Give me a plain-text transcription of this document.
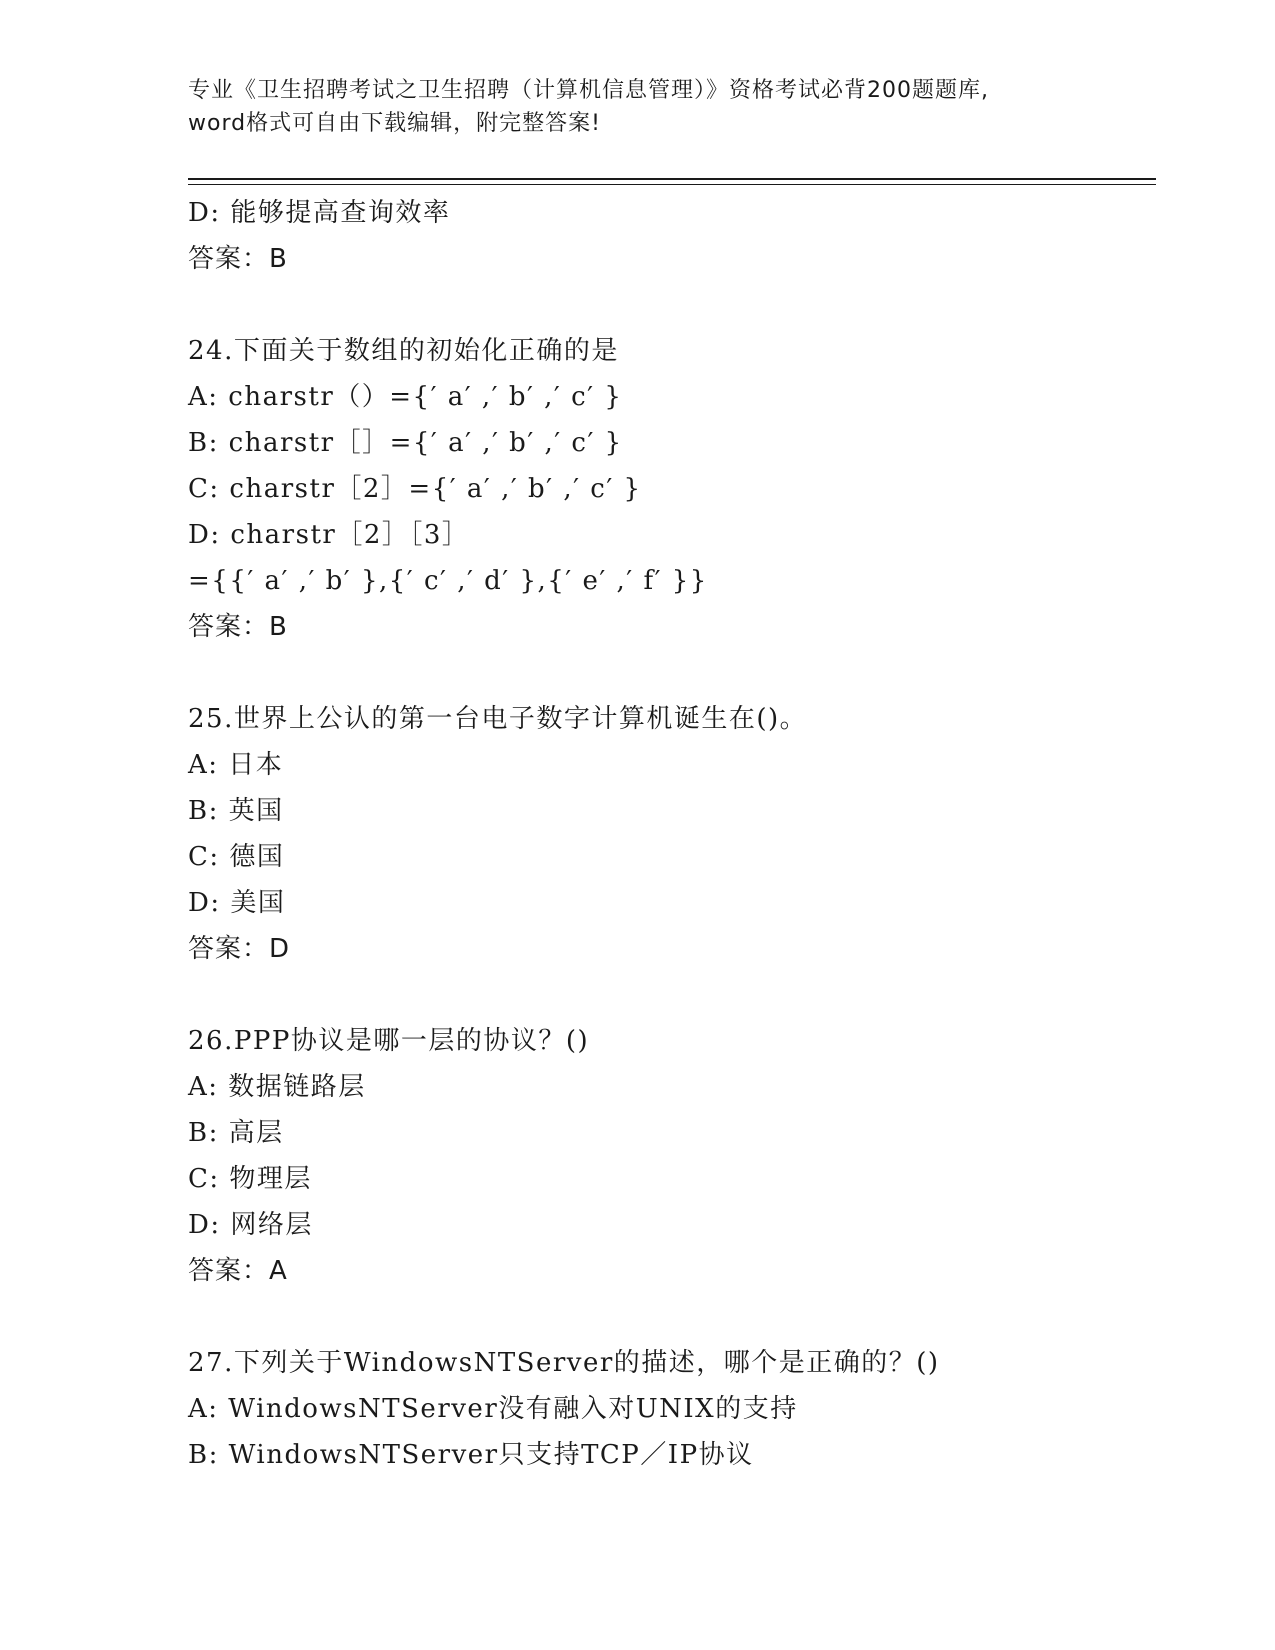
专业《卫生招聘考试之卫生招聘（计算机信息管理）》资格考试必背200题题库,
word格式可自由下载编辑，附完整答案!
D: 能够提高查询效率
答案：B
24.下面关于数组的初始化正确的是
A: charstr（）={′ a′ ,′ b′ ,′ c′ }
B: charstr［］={′ a′ ,′ b′ ,′ c′ }
C: charstr［2］={′ a′ ,′ b′ ,′ c′ }
D: charstr［2］［3］
={{′ a′ ,′ b′ },{′ c′ ,′ d′ },{′ e′ ,′ f′ }}
答案：B
25.世界上公认的第一台电子数字计算机诞生在()。
A: 日本
B: 英国
C: 德国
D: 美国
答案：D
26.PPP协议是哪一层的协议？()
A: 数据链路层
B: 高层
C: 物理层
D: 网络层
答案：A
27.下列关于WindowsNTServer的描述，哪个是正确的？()
A: WindowsNTServer没有融入对UNIX的支持
B: WindowsNTServer只支持TCP／IP协议
